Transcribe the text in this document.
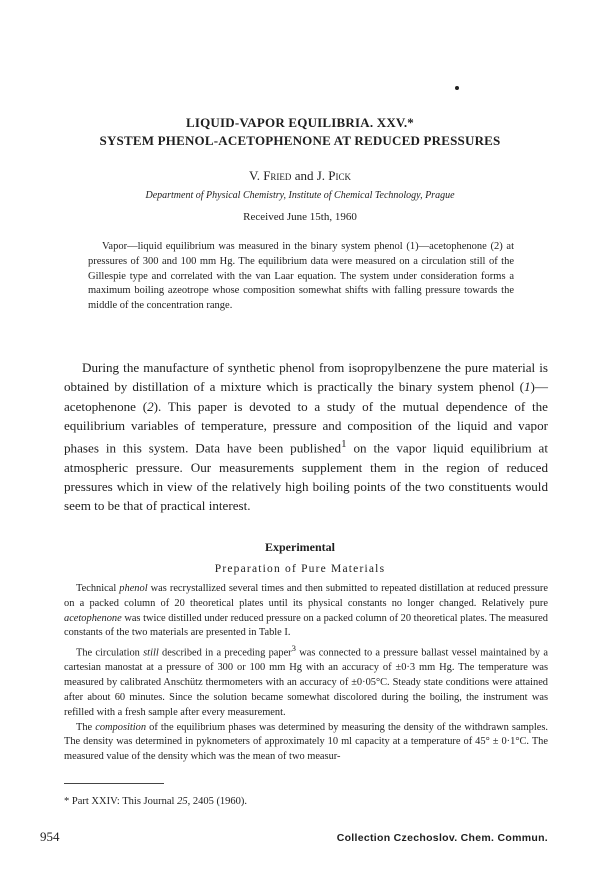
LIQUID-VAPOR EQUILIBRIA. XXV.*
SYSTEM PHENOL-ACETOPHENONE AT REDUCED PRESSURES
V. Fried and J. Pick
Department of Physical Chemistry, Institute of Chemical Technology, Prague
Received June 15th, 1960

Vapor—liquid equilibrium was measured in the binary system phenol (1)—acetophenone (2) at pressures of 300 and 100 mm Hg. The equilibrium data were measured on a circulation still of the Gillespie type and correlated with the van Laar equation. The system under consideration forms a maximum boiling azeotrope whose composition somewhat shifts with falling pressure towards the middle of the concentration range.

During the manufacture of synthetic phenol from isopropylbenzene the pure material is obtained by distillation of a mixture which is practically the binary system phenol (1)—acetophenone (2). This paper is devoted to a study of the mutual dependence of the equilibrium variables of temperature, pressure and composition of the liquid and vapor phases in this system. Data have been published$^1$ on the vapor liquid equilibrium at atmospheric pressure. Our measurements supplement them in the region of reduced pressures which in view of the relatively high boiling points of the two constituents would seem to be that of practical interest.

Experimental
Preparation of Pure Materials

Technical phenol was recrystallized several times and then submitted to repeated distillation at reduced pressure on a packed column of 20 theoretical plates until its physical constants no longer changed. Relatively pure acetophenone was twice distilled under reduced pressure on a packed column of 20 theoretical plates. The measured constants of the two materials are presented in Table I.

The circulation still described in a preceding paper$^3$ was connected to a pressure ballast vessel maintained by a cartesian manostat at a pressure of 300 or 100 mm Hg with an accuracy of ±0·3 mm Hg. The temperature was measured by calibrated Anschütz thermometers with an accuracy of ±0·05°C. Steady state conditions were attained after about 60 minutes. Since the solution became somewhat discolored during the boiling, the instrument was refilled with a fresh sample after every measurement.

The composition of the equilibrium phases was determined by measuring the density of the withdrawn samples. The density was determined in pyknometers of approximately 10 ml capacity at a temperature of 45° ± 0·1°C. The measured value of the density which was the mean of two measur-

* Part XXIV: This Journal 25, 2405 (1960).
954	Collection Czechoslov. Chem. Commun.
